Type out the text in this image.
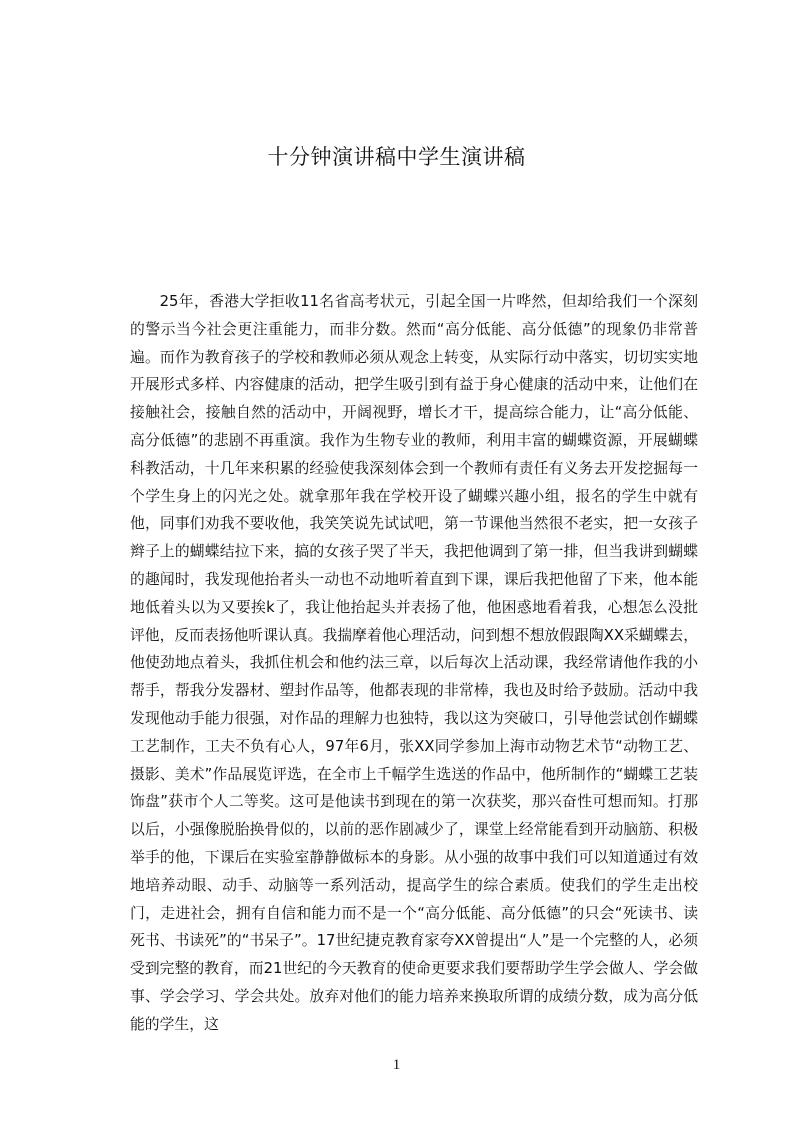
十分钟演讲稿中学生演讲稿

25年，香港大学拒收11名省高考状元，引起全国一片哗然，但却给我们一个深刻的警示当今社会更注重能力，而非分数。然而“高分低能、高分低德”的现象仍非常普遍。而作为教育孩子的学校和教师必须从观念上转变，从实际行动中落实，切切实实地开展形式多样、内容健康的活动，把学生吸引到有益于身心健康的活动中来，让他们在接触社会，接触自然的活动中，开阔视野，增长才干，提高综合能力，让“高分低能、高分低德”的悲剧不再重演。我作为生物专业的教师，利用丰富的蝴蝶资源，开展蝴蝶科教活动，十几年来积累的经验使我深刻体会到一个教师有责任有义务去开发挖掘每一个学生身上的闪光之处。就拿那年我在学校开设了蝴蝶兴趣小组，报名的学生中就有他，同事们劝我不要收他，我笑笑说先试试吧，第一节课他当然很不老实，把一女孩子辫子上的蝴蝶结拉下来，搞的女孩子哭了半天，我把他调到了第一排，但当我讲到蝴蝶的趣闻时，我发现他抬者头一动也不动地听着直到下课，课后我把他留了下来，他本能地低着头以为又要挨k了，我让他抬起头并表扬了他，他困惑地看着我，心想怎么没批评他，反而表扬他听课认真。我揣摩着他心理活动，问到想不想放假跟陶XX采蝴蝶去，他使劲地点着头，我抓住机会和他约法三章，以后每次上活动课，我经常请他作我的小帮手，帮我分发器材、塑封作品等，他都表现的非常棒，我也及时给予鼓励。活动中我发现他动手能力很强，对作品的理解力也独特，我以这为突破口，引导他尝试创作蝴蝶工艺制作，工夫不负有心人，97年6月，张XX同学参加上海市动物艺术节“动物工艺、摄影、美术”作品展览评选，在全市上千幅学生选送的作品中，他所制作的“蝴蝶工艺装饰盘”获市个人二等奖。这可是他读书到现在的第一次获奖，那兴奋性可想而知。打那以后，小强像脱胎换骨似的，以前的恶作剧减少了，课堂上经常能看到开动脑筋、积极举手的他，下课后在实验室静静做标本的身影。从小强的故事中我们可以知道通过有效地培养动眼、动手、动脑等一系列活动，提高学生的综合素质。使我们的学生走出校门，走进社会，拥有自信和能力而不是一个“高分低能、高分低德”的只会“死读书、读死书、书读死”的“书呆子”。17世纪捷克教育家夸XX曾提出“人”是一个完整的人，必须受到完整的教育，而21世纪的今天教育的使命更要求我们要帮助学生学会做人、学会做事、学会学习、学会共处。放弃对他们的能力培养来换取所谓的成绩分数，成为高分低能的学生，这

1
